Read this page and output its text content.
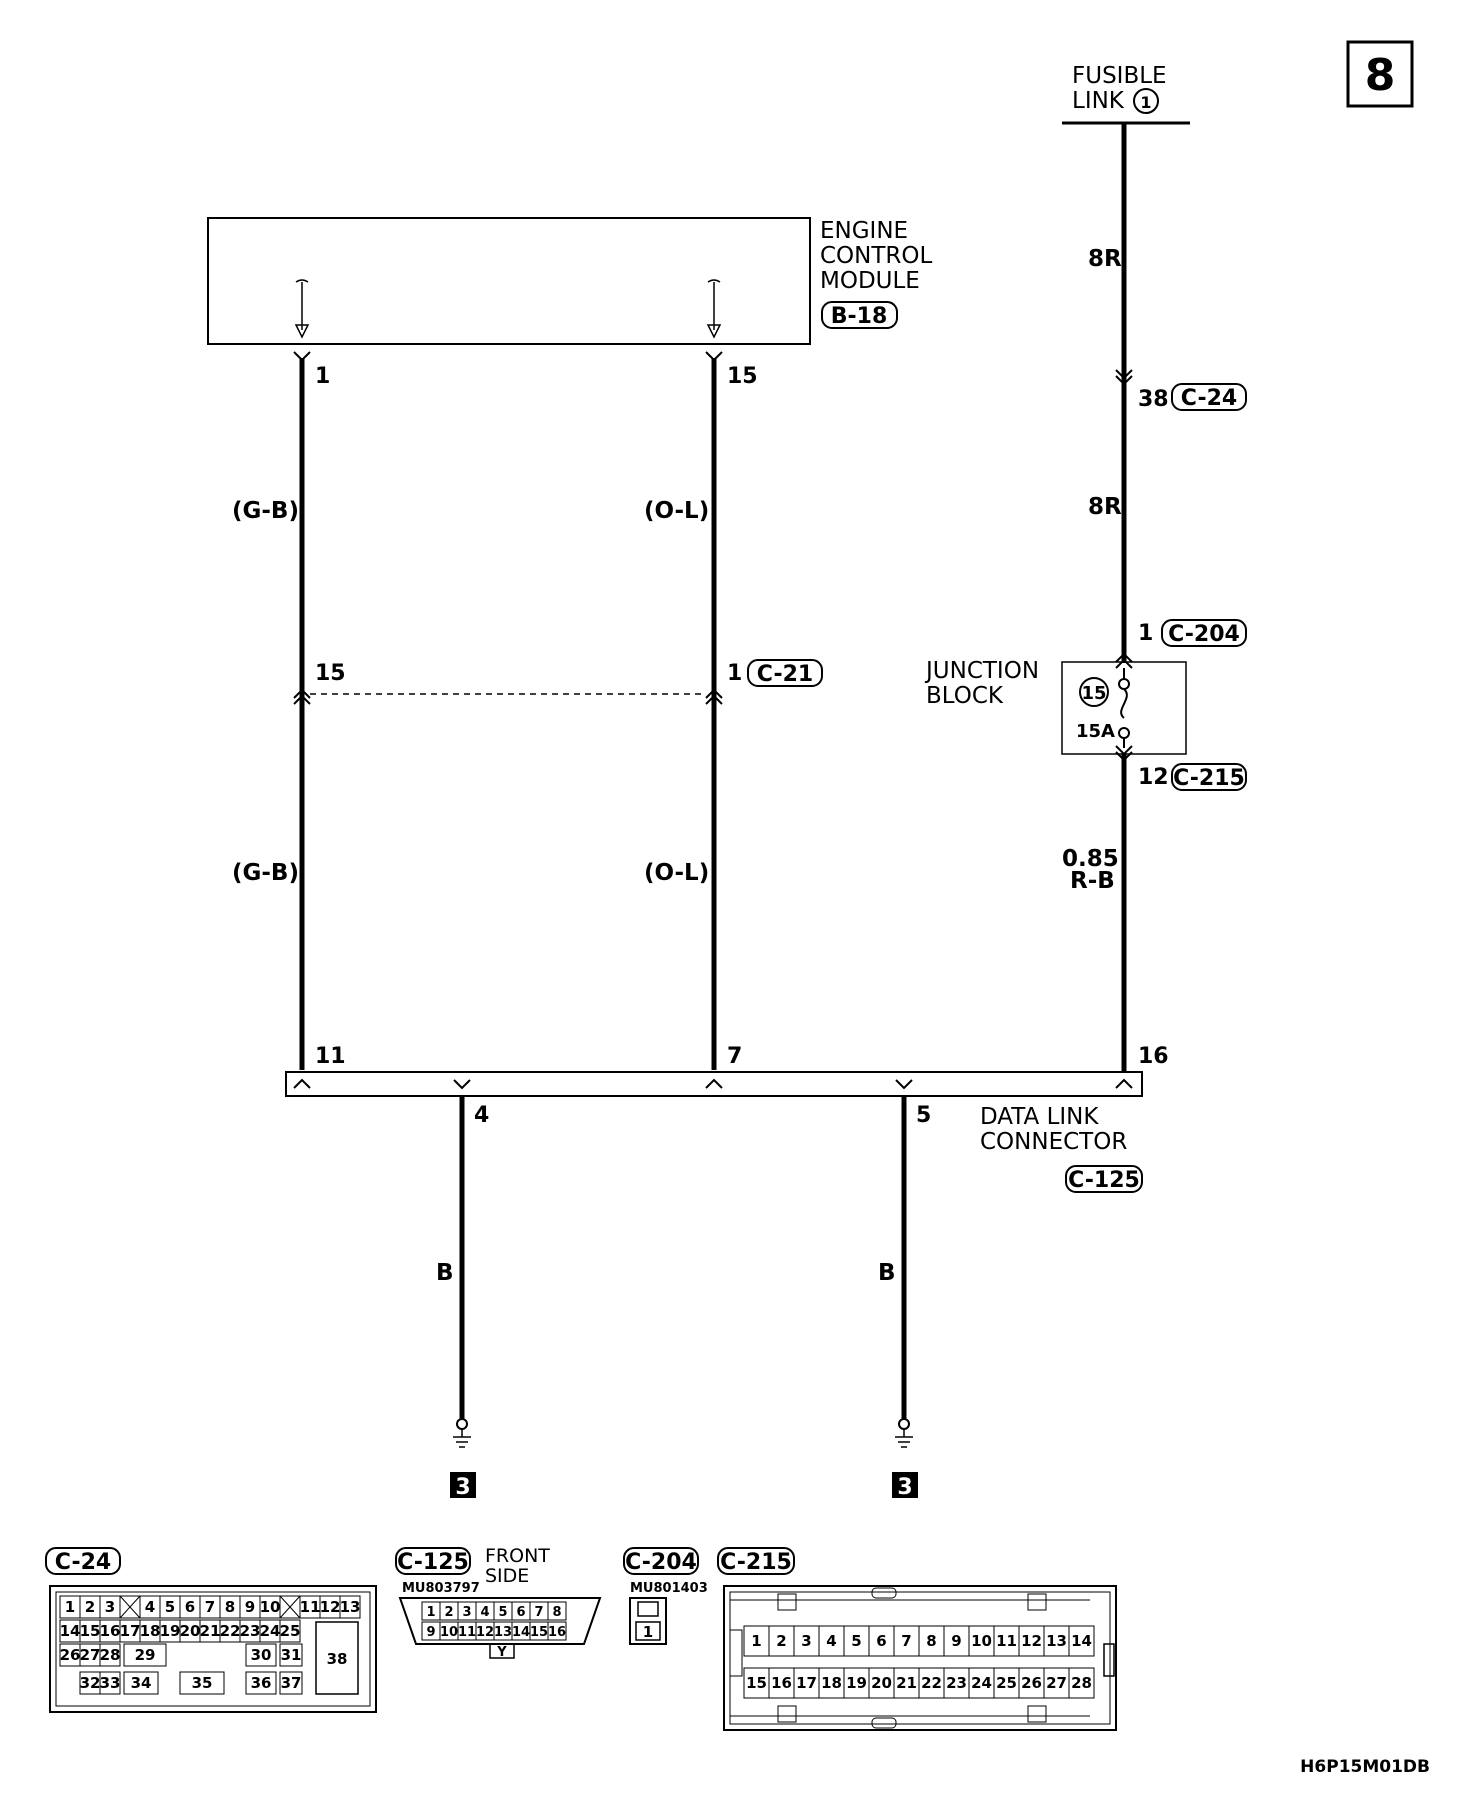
8
FUSIBLE
LINK 1
ENGINE
CONTROL
MODULE
B-18
1
(G-B)
15
(G-B)
11
15
(O-L)
1 C-21
(O-L)
7
8R
38 C-24
8R
1 C-204
12 C-215
0.85
R-B
16
JUNCTION
BLOCK	15
15A
DATA LINK
CONNECTOR
C-125
4
B
3
5
B
3
C-24
1 2 3 4 5 6 7 8 9 10 11 12 13
14 15 16 17 18 19 20 21 22 23 24 25
26 27 28 29	30 31
32 33 34	35	36 37
38
C-125 FRONT
SIDE
MU803797
1 2 3 4 5 6 7 8
9 10 11 12 13 14 15 16
Y
C-204
MU801403
1
C-215
1 2 3 4 5 6 7 8 9 10 11 12 13 14
15 16 17 18 19 20 21 22 23 24 25 26 27 28
H6P15M01DB
